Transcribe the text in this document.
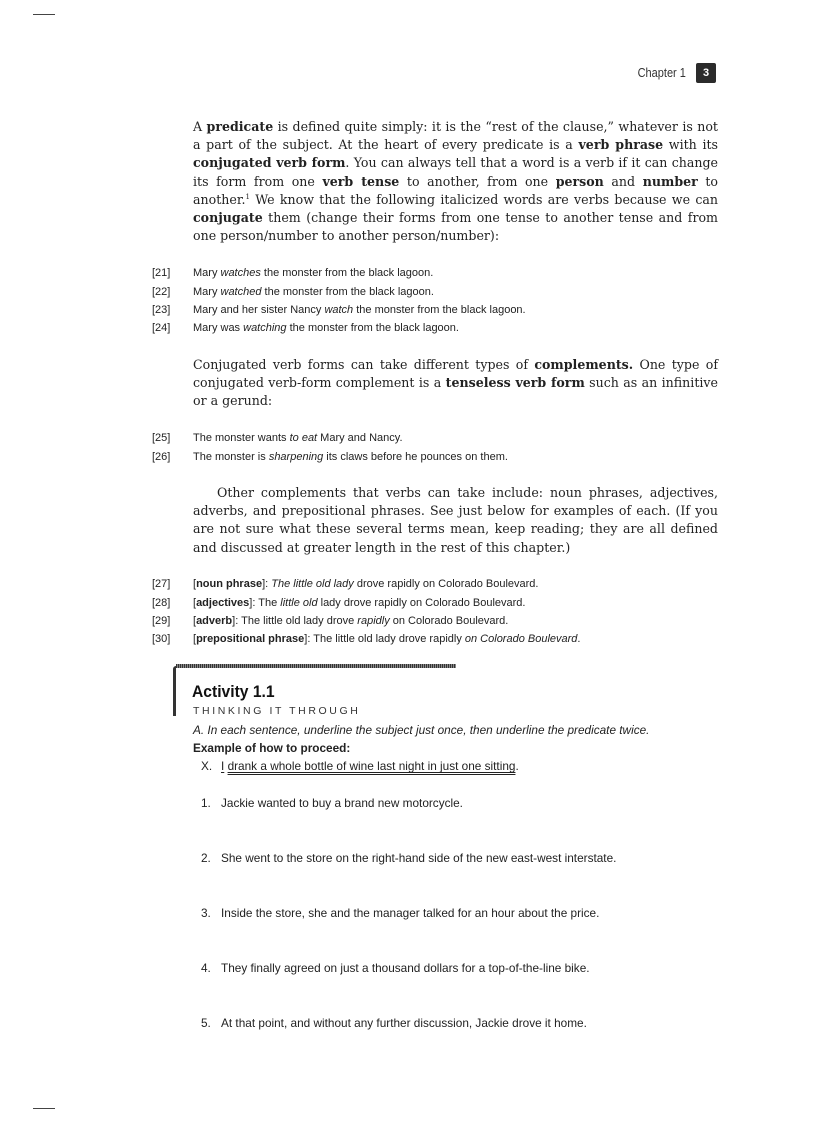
Chapter 1	3

A predicate is defined quite simply: it is the “rest of the clause,” whatever is not a part of the subject. At the heart of every predicate is a verb phrase with its conjugated verb form. You can always tell that a word is a verb if it can change its form from one verb tense to another, from one person and number to another.$^1$ We know that the following italicized words are verbs because we can conjugate them (change their forms from one tense to another tense and from one person/​number to another person/number):

[21] Mary watches the monster from the black lagoon.
[22] Mary watched the monster from the black lagoon.
[23] Mary and her sister Nancy watch the monster from the black lagoon.
[24] Mary was watching the monster from the black lagoon.

Conjugated verb forms can take different types of complements. One type of conjugated verb-form complement is a tenseless verb form such as an infinitive or a gerund:

[25] The monster wants to eat Mary and Nancy.
[26] The monster is sharpening its claws before he pounces on them.

Other complements that verbs can take include: noun phrases, adjectives, adverbs, and prepositional phrases. See just below for examples of each. (If you are not sure what these several terms mean, keep reading; they are all defined and discussed at greater length in the rest of this chapter.)

[27] [noun phrase]: The little old lady drove rapidly on Colorado Boulevard.
[28] [adjectives]: The little old lady drove rapidly on Colorado Boulevard.
[29] [adverb]: The little old lady drove rapidly on Colorado Boulevard.
[30] [prepositional phrase]: The little old lady drove rapidly on Colorado Boulevard.
Activity 1.1
THINKING IT THROUGH
A. In each sentence, underline the subject just once, then underline the predicate twice.
Example of how to proceed:
X. I drank a whole bottle of wine last night in just one sitting.
1. Jackie wanted to buy a brand new motorcycle.
2. She went to the store on the right-hand side of the new east-west interstate.
3. Inside the store, she and the manager talked for an hour about the price.
4. They finally agreed on just a thousand dollars for a top-of-the-line bike.
5. At that point, and without any further discussion, Jackie drove it home.
